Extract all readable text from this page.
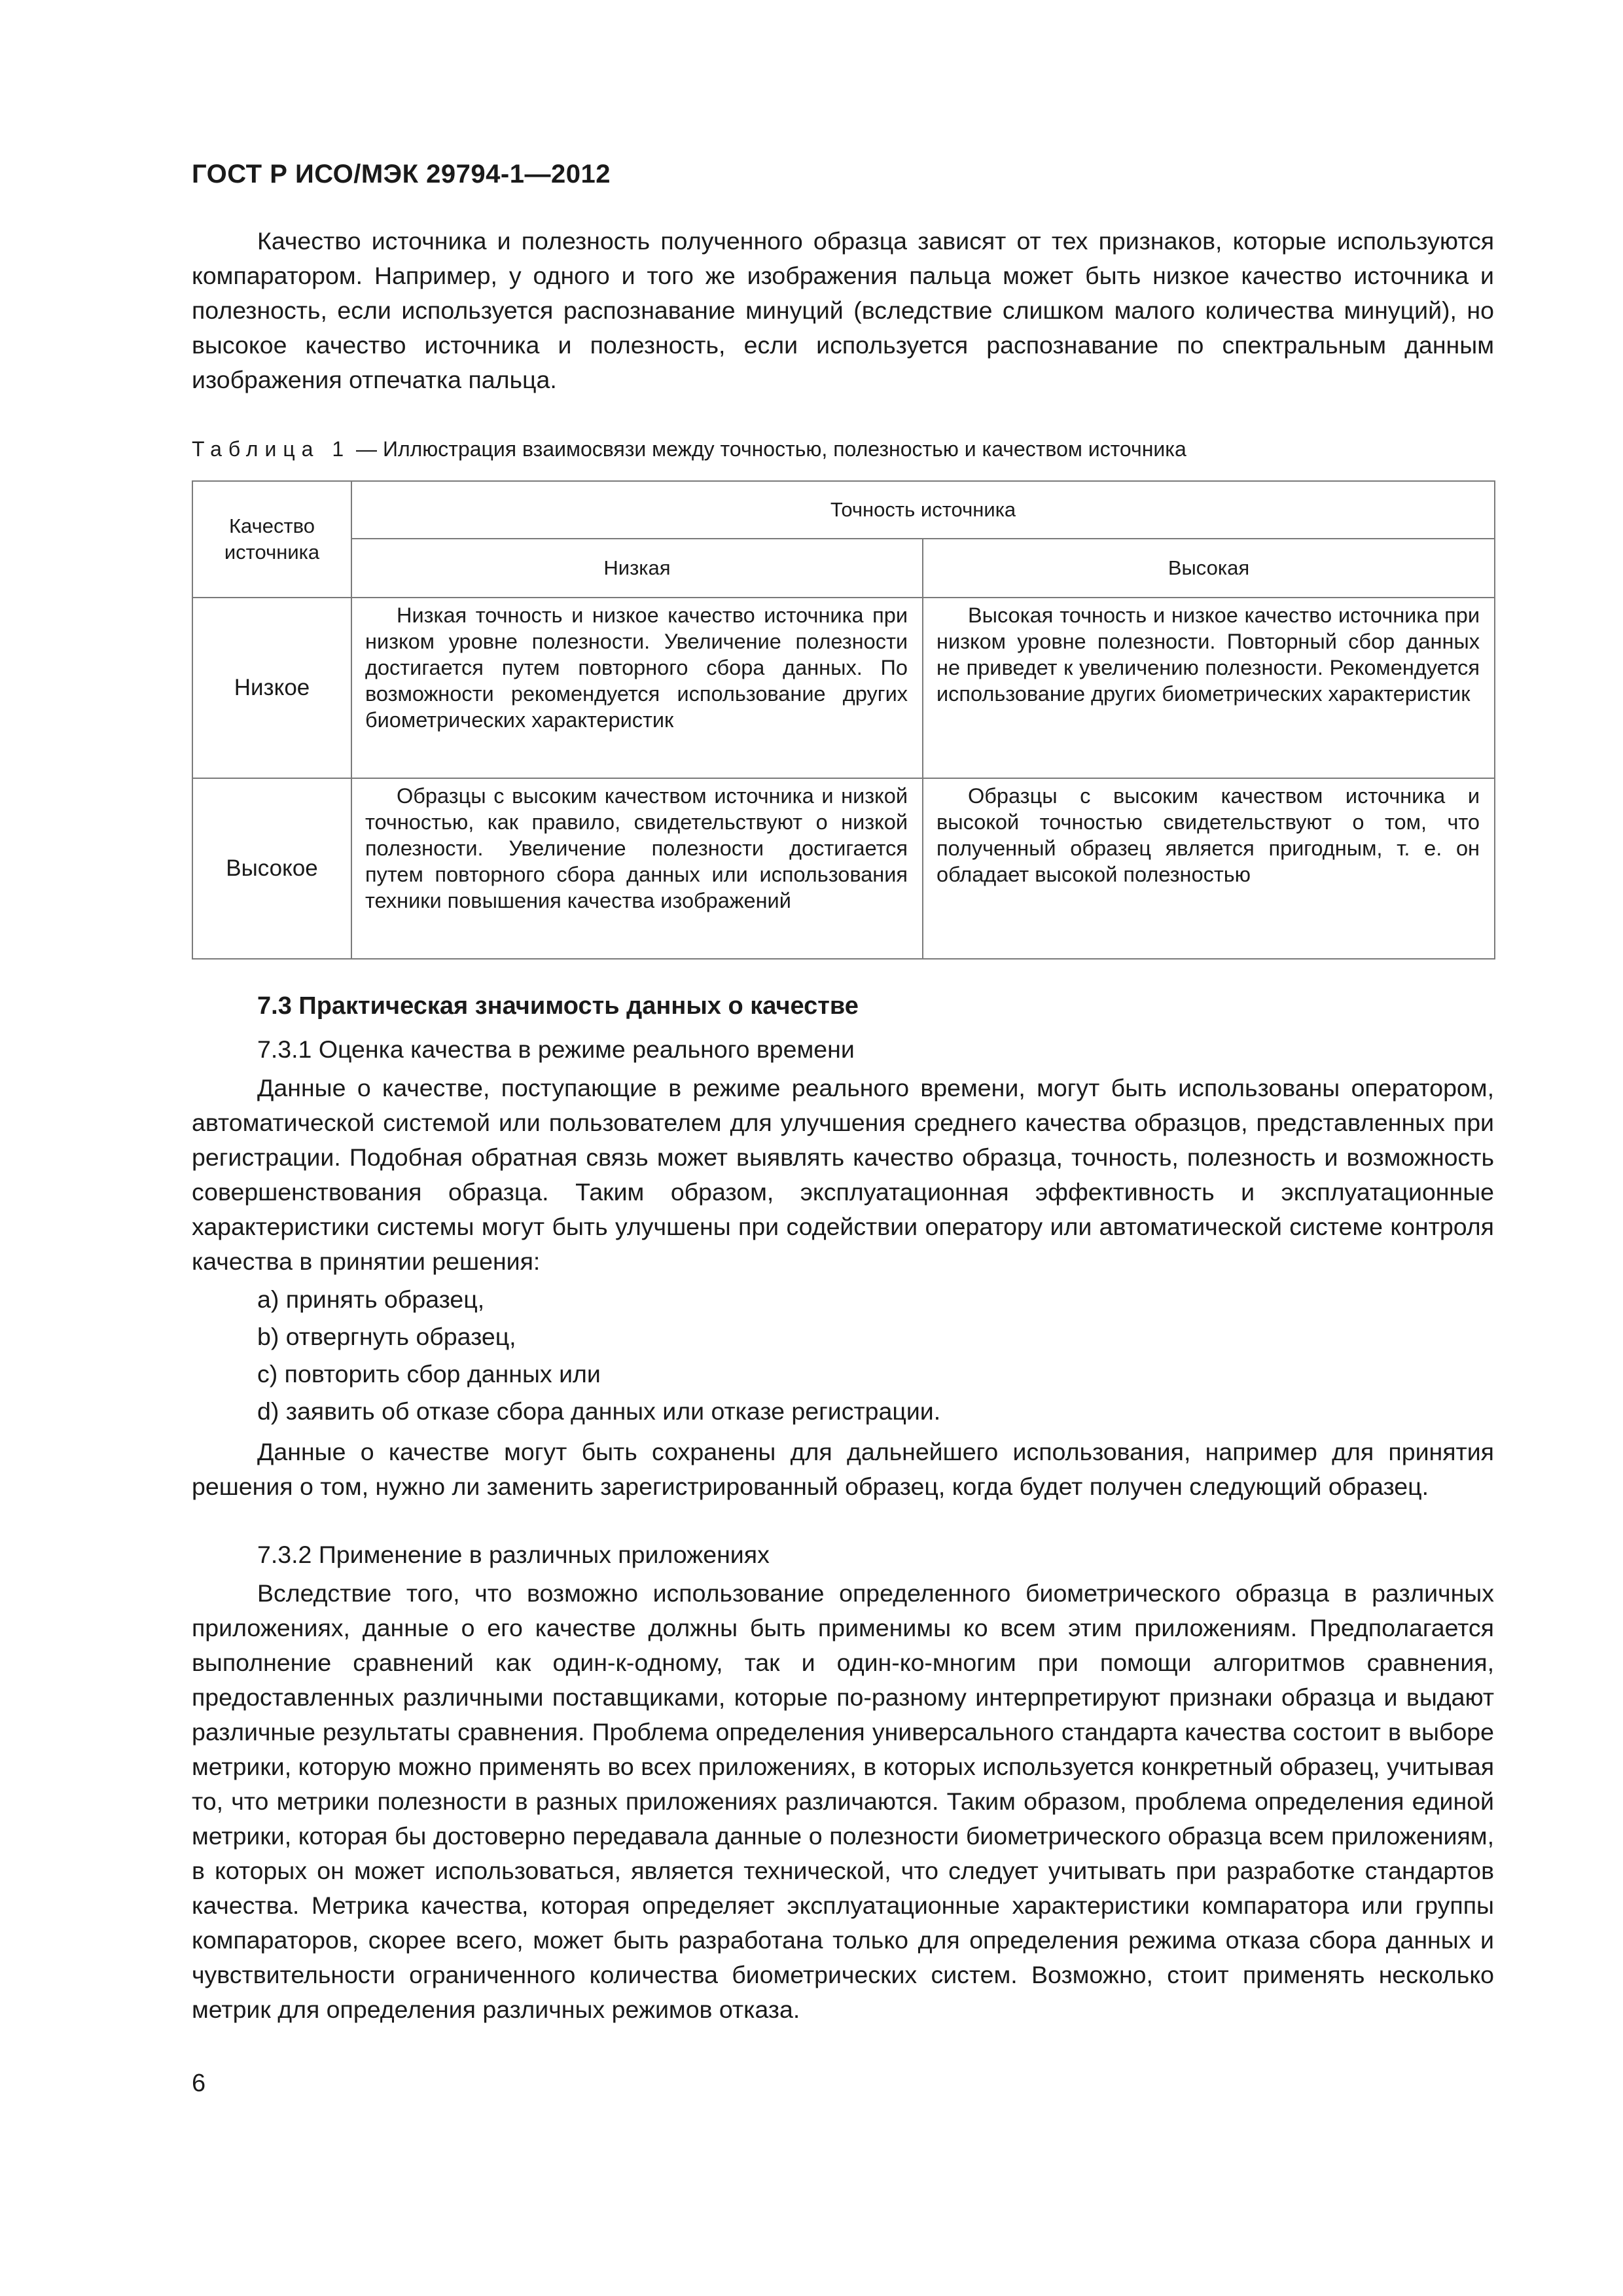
ГОСТ Р ИСО/МЭК 29794-1—2012

Качество источника и полезность полученного образца зависят от тех признаков, которые используются компаратором. Например, у одного и того же изображения пальца может быть низкое качество источника и полезность, если используется распознавание минуций (вследствие слишком малого количества минуций), но высокое качество источника и полезность, если используется распознавание по спектральным данным изображения отпечатка пальца.

Таблица 1 — Иллюстрация взаимосвязи между точностью, полезностью и качеством источника
Качество источника	Точность источника	
	Низкая	Высокая
Низкое	Низкая точность и низкое качество источника при низком уровне полезности. Увеличение полезности достигается путем повторного сбора данных. По возможности рекомендуется использование других биометрических характеристик	Высокая точность и низкое качество источника при низком уровне полезности. Повторный сбор данных не приведет к увеличению полезности. Рекомендуется использование других биометрических характеристик
Высокое	Образцы с высоким качеством источника и низкой точностью, как правило, свидетельствуют о низкой полезности. Увеличение полезности достигается путем повторного сбора данных или использования техники повышения качества изображений	Образцы с высоким качеством источника и высокой точностью свидетельствуют о том, что полученный образец является пригодным, т. е. он обладает высокой полезностью
7.3 Практическая значимость данных о качестве
7.3.1 Оценка качества в режиме реального времени

Данные о качестве, поступающие в режиме реального времени, могут быть использованы оператором, автоматической системой или пользователем для улучшения среднего качества образцов, представленных при регистрации. Подобная обратная связь может выявлять качество образца, точность, полезность и возможность совершенствования образца. Таким образом, эксплуатационная эффективность и эксплуатационные характеристики системы могут быть улучшены при содействии оператору или автоматической системе контроля качества в принятии решения:

a) принять образец,
b) отвергнуть образец,
c) повторить сбор данных или
d) заявить об отказе сбора данных или отказе регистрации.

Данные о качестве могут быть сохранены для дальнейшего использования, например для принятия решения о том, нужно ли заменить зарегистрированный образец, когда будет получен следующий образец.

7.3.2 Применение в различных приложениях

Вследствие того, что возможно использование определенного биометрического образца в различных приложениях, данные о его качестве должны быть применимы ко всем этим приложениям. Предполагается выполнение сравнений как один-к-одному, так и один-ко-многим при помощи алгоритмов сравнения, предоставленных различными поставщиками, которые по-разному интерпретируют признаки образца и выдают различные результаты сравнения. Проблема определения универсального стандарта качества состоит в выборе метрики, которую можно применять во всех приложениях, в которых используется конкретный образец, учитывая то, что метрики полезности в разных приложениях различаются. Таким образом, проблема определения единой метрики, которая бы достоверно передавала данные о полезности биометрического образца всем приложениям, в которых он может использоваться, является технической, что следует учитывать при разработке стандартов качества. Метрика качества, которая определяет эксплуатационные характеристики компаратора или группы компараторов, скорее всего, может быть разработана только для определения режима отказа сбора данных и чувствительности ограниченного количества биометрических систем. Возможно, стоит применять несколько метрик для определения различных режимов отказа.

6
